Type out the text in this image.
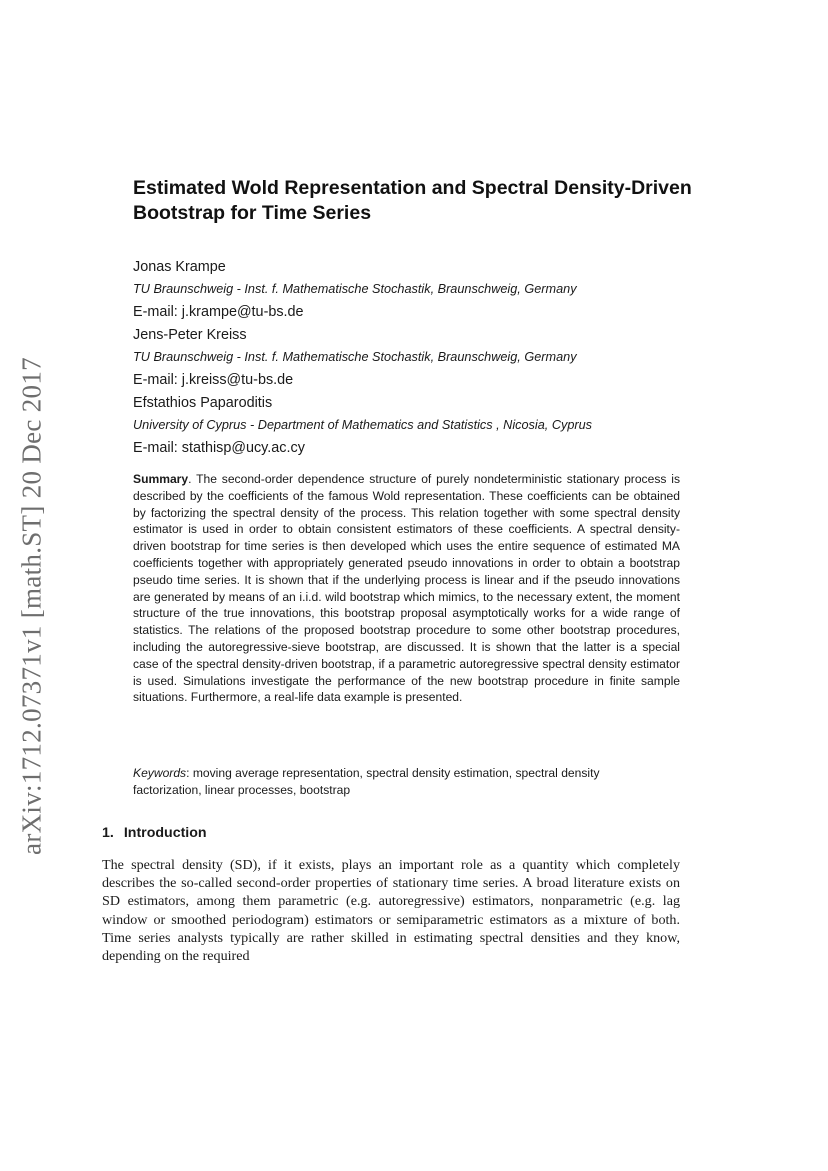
arXiv:1712.07371v1 [math.ST] 20 Dec 2017
Estimated Wold Representation and Spectral Density-Driven Bootstrap for Time Series
Jonas Krampe
TU Braunschweig - Inst. f. Mathematische Stochastik, Braunschweig, Germany
E-mail: j.krampe@tu-bs.de
Jens-Peter Kreiss
TU Braunschweig - Inst. f. Mathematische Stochastik, Braunschweig, Germany
E-mail: j.kreiss@tu-bs.de
Efstathios Paparoditis
University of Cyprus - Department of Mathematics and Statistics , Nicosia, Cyprus
E-mail: stathisp@ucy.ac.cy

Summary. The second-order dependence structure of purely nondeterministic stationary process is described by the coefficients of the famous Wold representation. These coefficients can be obtained by factorizing the spectral density of the process. This relation together with some spectral density estimator is used in order to obtain consistent estimators of these coefficients. A spectral density-driven bootstrap for time series is then developed which uses the entire sequence of estimated MA coefficients together with appropriately generated pseudo innovations in order to obtain a bootstrap pseudo time series. It is shown that if the underlying process is linear and if the pseudo innovations are generated by means of an i.i.d. wild bootstrap which mimics, to the necessary extent, the moment structure of the true innovations, this bootstrap proposal asymptotically works for a wide range of statistics. The relations of the proposed bootstrap procedure to some other bootstrap procedures, including the autoregressive-sieve bootstrap, are discussed. It is shown that the latter is a special case of the spectral density-driven bootstrap, if a parametric autoregressive spectral density estimator is used. Simulations investigate the performance of the new bootstrap procedure in finite sample situations. Furthermore, a real-life data example is presented.

Keywords: moving average representation, spectral density estimation, spectral density factorization, linear processes, bootstrap

1. Introduction

The spectral density (SD), if it exists, plays an important role as a quantity which completely describes the so-called second-order properties of stationary time series. A broad literature exists on SD estimators, among them parametric (e.g. autoregressive) estimators, nonparametric (e.g. lag window or smoothed periodogram) estimators or semiparametric estimators as a mixture of both. Time series analysts typically are rather skilled in estimating spectral densities and they know, depending on the required
